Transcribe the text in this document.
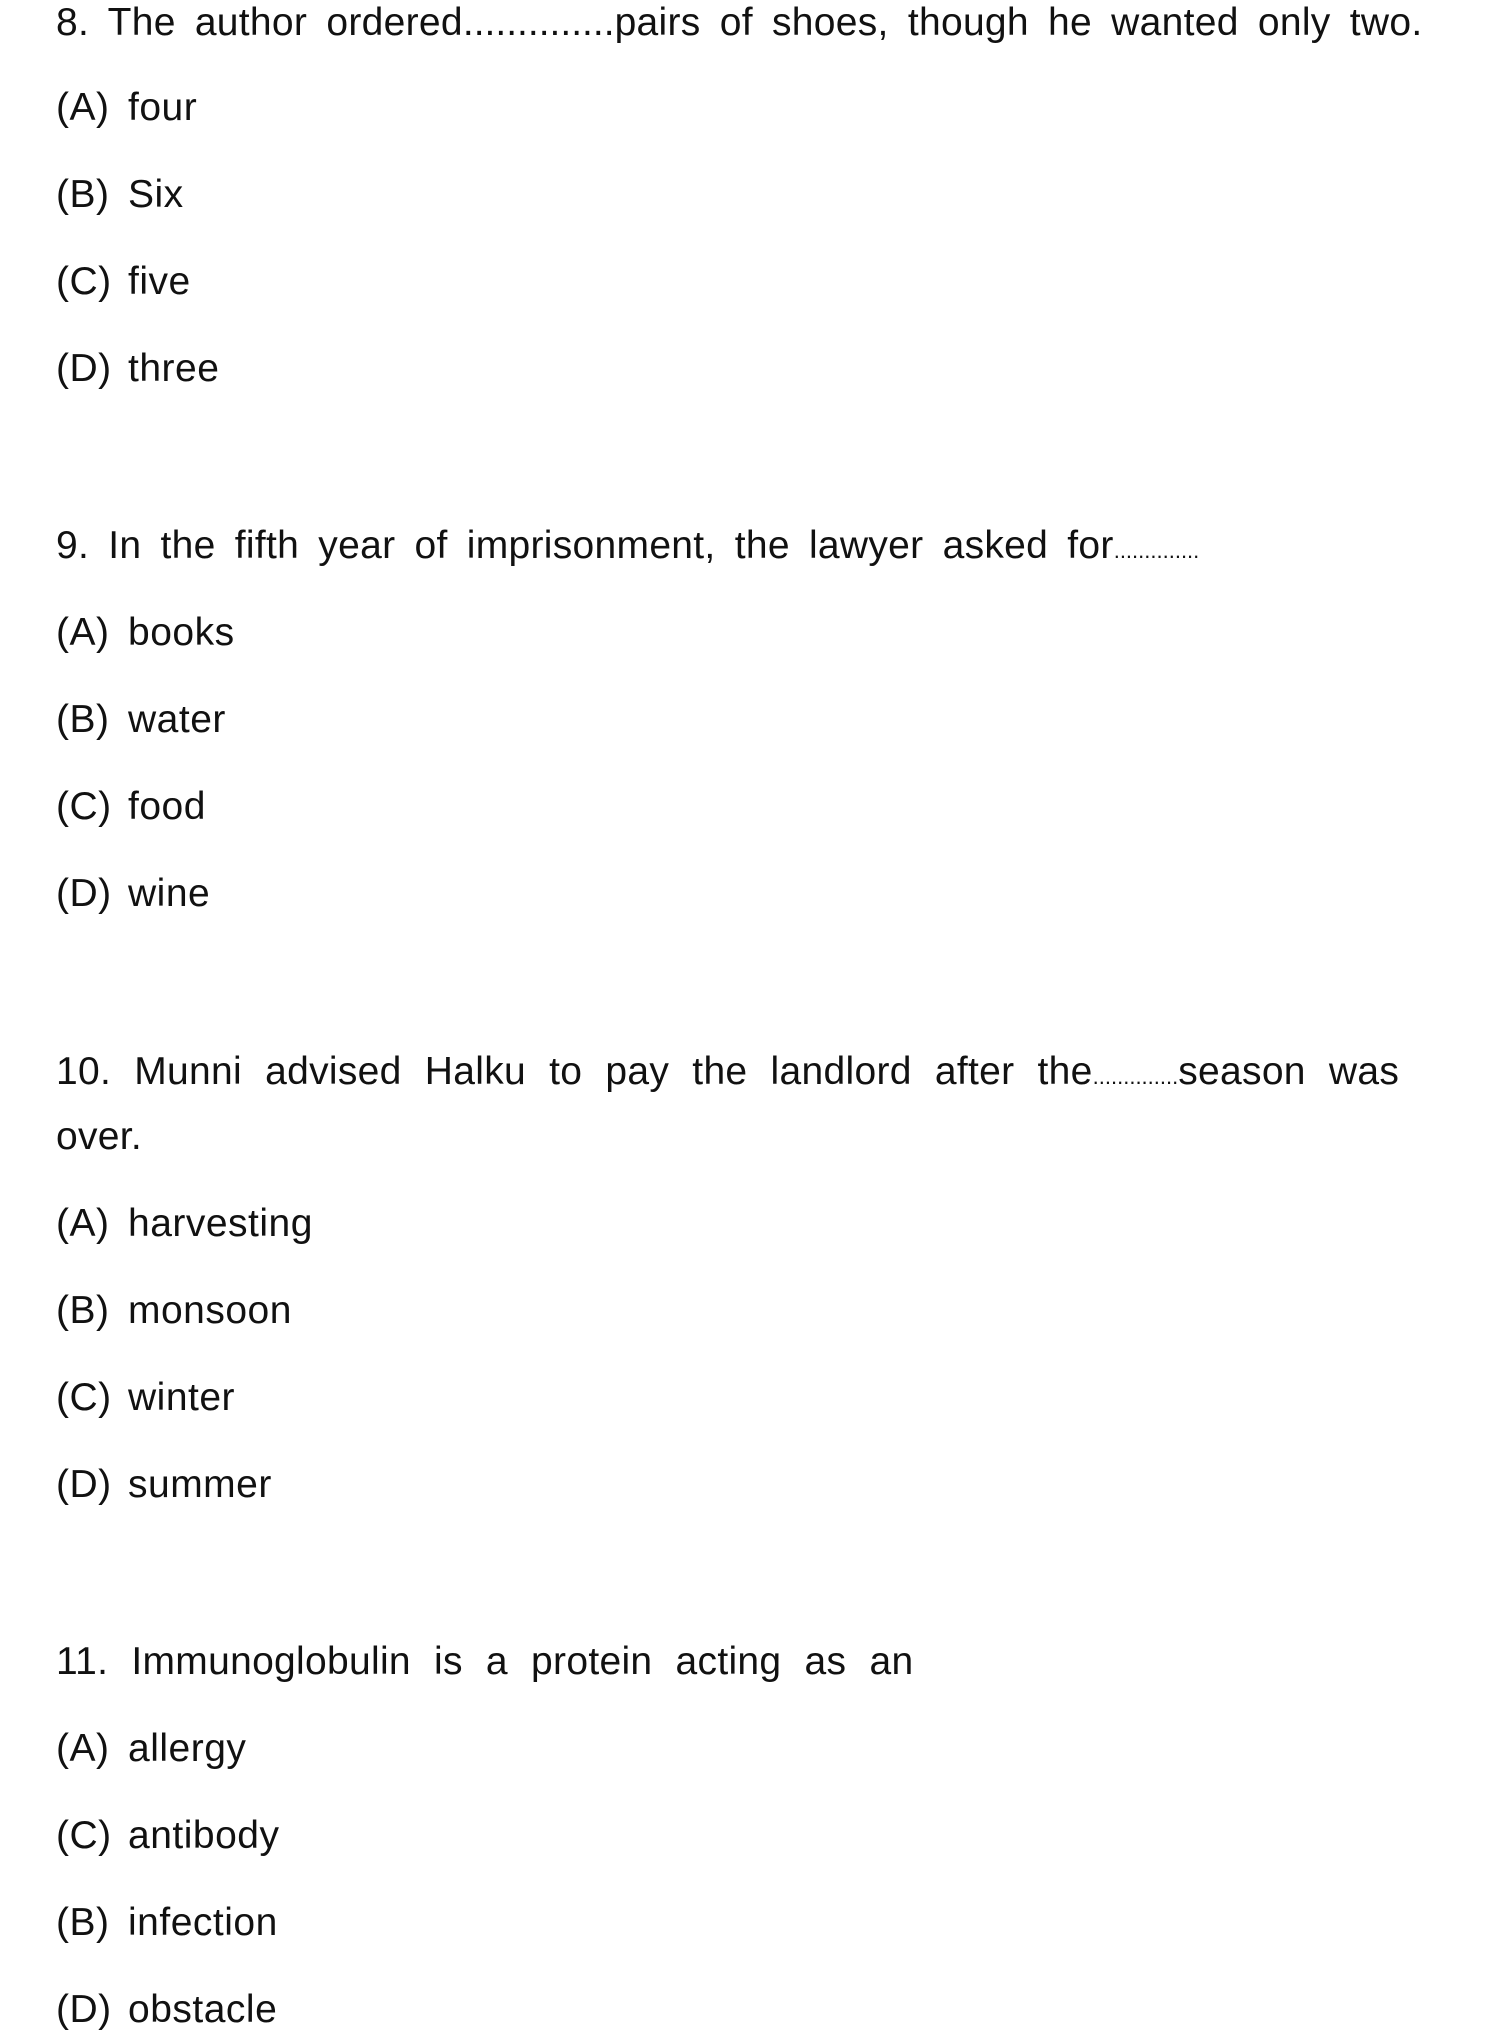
8. The author ordered..............pairs of shoes, though he wanted only two.
(A) four
(B) Six
(C) five
(D) three
9. In the fifth year of imprisonment, the lawyer asked for..............
(A) books
(B) water
(C) food
(D) wine
10. Munni advised Halku to pay the landlord after the..............season was
over.
(A) harvesting
(B) monsoon
(C) winter
(D) summer
11. Immunoglobulin is a protein acting as an
(A) allergy
(C) antibody
(B) infection
(D) obstacle
